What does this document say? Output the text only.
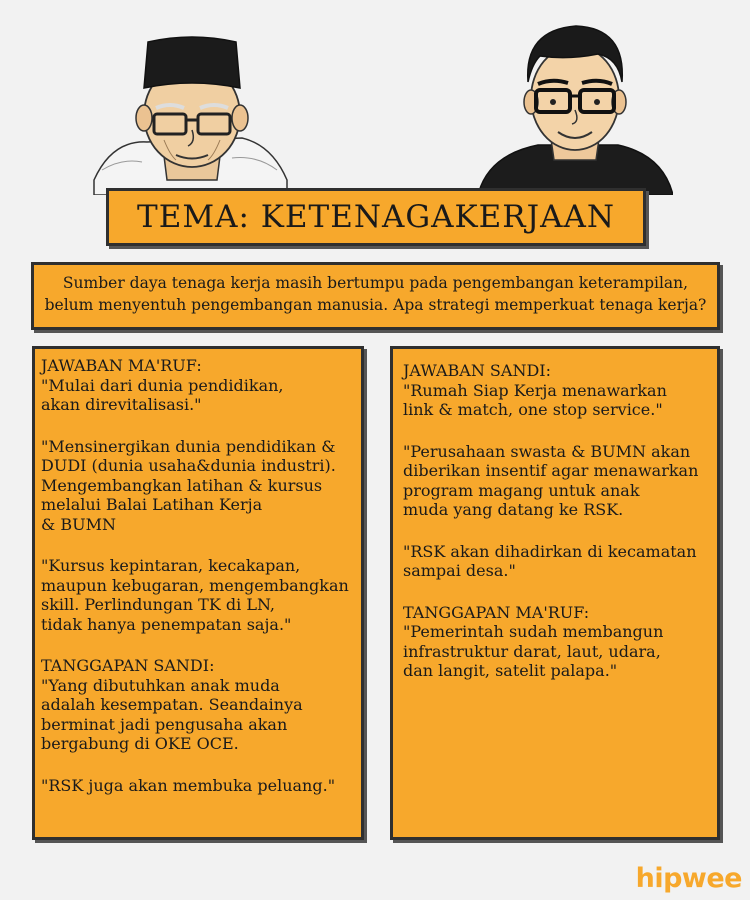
TEMA: KETENAGAKERJAAN
Sumber daya tenaga kerja masih bertumpu pada pengembangan keterampilan, belum menyentuh pengembangan manusia. Apa strategi memperkuat tenaga kerja?
JAWABAN MA'RUF:

"Mulai dari dunia pendidikan,
akan direvitalisasi."

"Mensinergikan dunia pendidikan &
DUDI (dunia usaha&dunia industri).
Mengembangkan latihan & kursus
melalui Balai Latihan Kerja
& BUMN

"Kursus kepintaran, kecakapan,
maupun kebugaran, mengembangkan
skill. Perlindungan TK di LN,
tidak hanya penempatan saja."

TANGGAPAN SANDI:

"Yang dibutuhkan anak muda
adalah kesempatan. Seandainya
berminat jadi pengusaha akan
bergabung di OKE OCE.

"RSK juga akan membuka peluang."

JAWABAN SANDI:

"Rumah Siap Kerja menawarkan
link & match, one stop service."

"Perusahaan swasta & BUMN akan
diberikan insentif agar menawarkan
program magang untuk anak
muda yang datang ke RSK.

"RSK akan dihadirkan di kecamatan
sampai desa."

TANGGAPAN MA'RUF:

"Pemerintah sudah membangun
infrastruktur darat, laut, udara,
dan langit, satelit palapa."

hipwee
